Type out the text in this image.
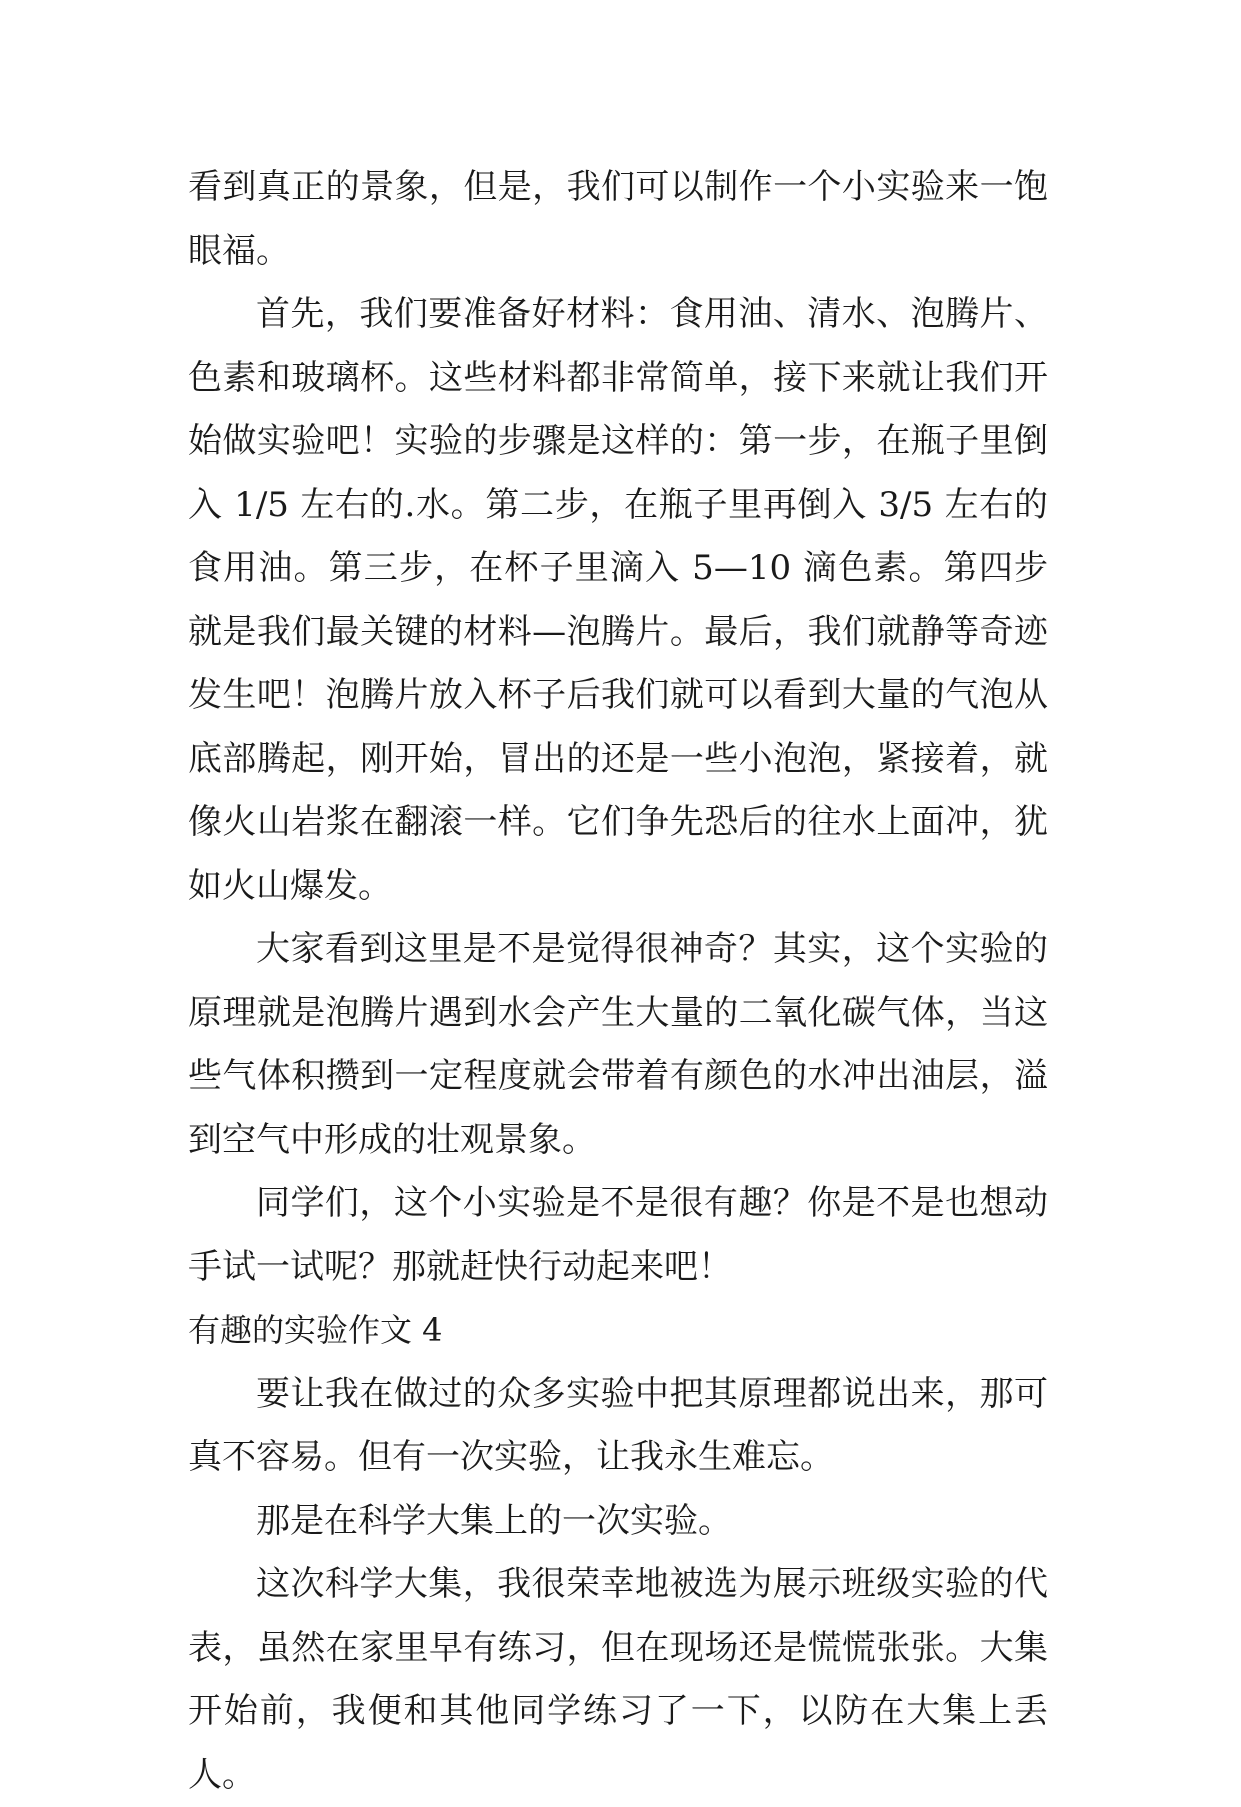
看到真正的景象，但是，我们可以制作一个小实验来一饱眼福。

首先，我们要准备好材料：食用油、清水、泡腾片、色素和玻璃杯。这些材料都非常简单，接下来就让我们开始做实验吧！实验的步骤是这样的：第一步，在瓶子里倒入 1/5 左右的.水。第二步，在瓶子里再倒入 3/5 左右的食用油。第三步，在杯子里滴入 5—10 滴色素。第四步就是我们最关键的材料—泡腾片。最后，我们就静等奇迹发生吧！泡腾片放入杯子后我们就可以看到大量的气泡从底部腾起，刚开始，冒出的还是一些小泡泡，紧接着，就像火山岩浆在翻滚一样。它们争先恐后的往水上面冲，犹如火山爆发。

大家看到这里是不是觉得很神奇？其实，这个实验的原理就是泡腾片遇到水会产生大量的二氧化碳气体，当这些气体积攒到一定程度就会带着有颜色的水冲出油层，溢到空气中形成的壮观景象。

同学们，这个小实验是不是很有趣？你是不是也想动手试一试呢？那就赶快行动起来吧！

有趣的实验作文 4

要让我在做过的众多实验中把其原理都说出来，那可真不容易。但有一次实验，让我永生难忘。

那是在科学大集上的一次实验。

这次科学大集，我很荣幸地被选为展示班级实验的代表，虽然在家里早有练习，但在现场还是慌慌张张。大集开始前，我便和其他同学练习了一下，以防在大集上丢人。
